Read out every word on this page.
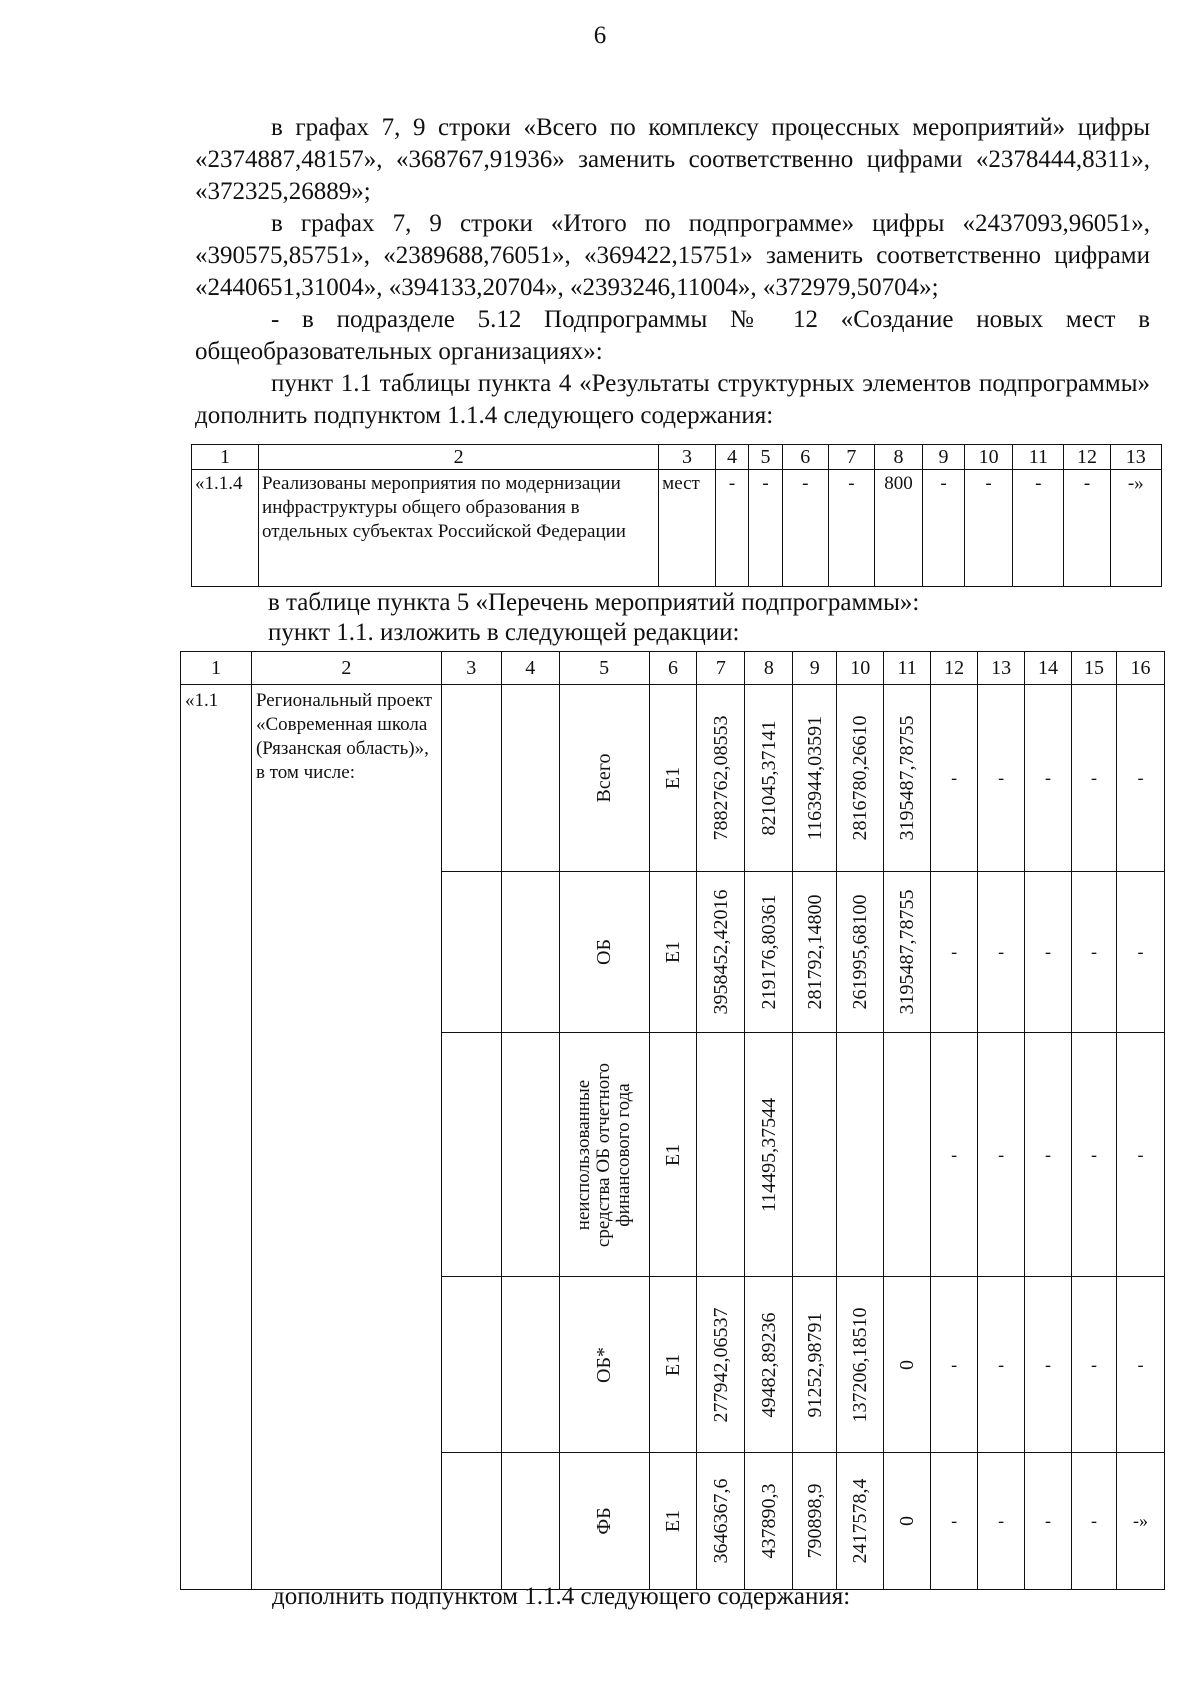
6

в графах 7, 9 строки «Всего по комплексу процессных мероприятий» цифры «2374887,48157», «368767,91936» заменить соответственно цифрами «2378444,8311», «372325,26889»;

в графах 7, 9 строки «Итого по подпрограмме» цифры «2437093,96051», «390575,85751», «2389688,76051», «369422,15751» заменить соответственно цифрами «2440651,31004», «394133,20704», «2393246,11004», «372979,50704»;

- в подразделе 5.12 Подпрограммы № 12 «Создание новых мест в общеобразовательных организациях»:

пункт 1.1 таблицы пункта 4 «Результаты структурных элементов подпрограммы» дополнить подпунктом 1.1.4 следующего содержания:

1	2	3	4	5	6	7	8	9	10	11	12	13
«1.1.4	Реализованы мероприятия по модернизации инфраструктуры общего образования в отдельных субъектах Российской Федерации	мест	-	-	-	-	800	-	-	-	-	-»
в таблице пункта 5 «Перечень мероприятий подпрограммы»:
пункт 1.1. изложить в следующей редакции:
1	2	3	4	5	6	7	8	9	10	11	12	13	14	15	16
«1.1	Региональный проект «Современная школа (Рязанская область)», в том числе:			Всего	Е1	7882762,08553	821045,37141	1163944,03591	2816780,26610	3195487,78755	-	-	-	-	-

				ОБ	Е1	3958452,42016	219176,80361	281792,14800	261995,68100	3195487,78755	-	-	-	-	-

				неиспользованные средства ОБ отчетного финансового года	Е1		114495,37544				-	-	-	-	-

				ОБ*	Е1	277942,06537	49482,89236	91252,98791	137206,18510	0	-	-	-	-	-

				ФБ	Е1	3646367,6	437890,3	790898,9	2417578,4	0	-	-	-	-	-»
дополнить подпунктом 1.1.4 следующего содержания:
